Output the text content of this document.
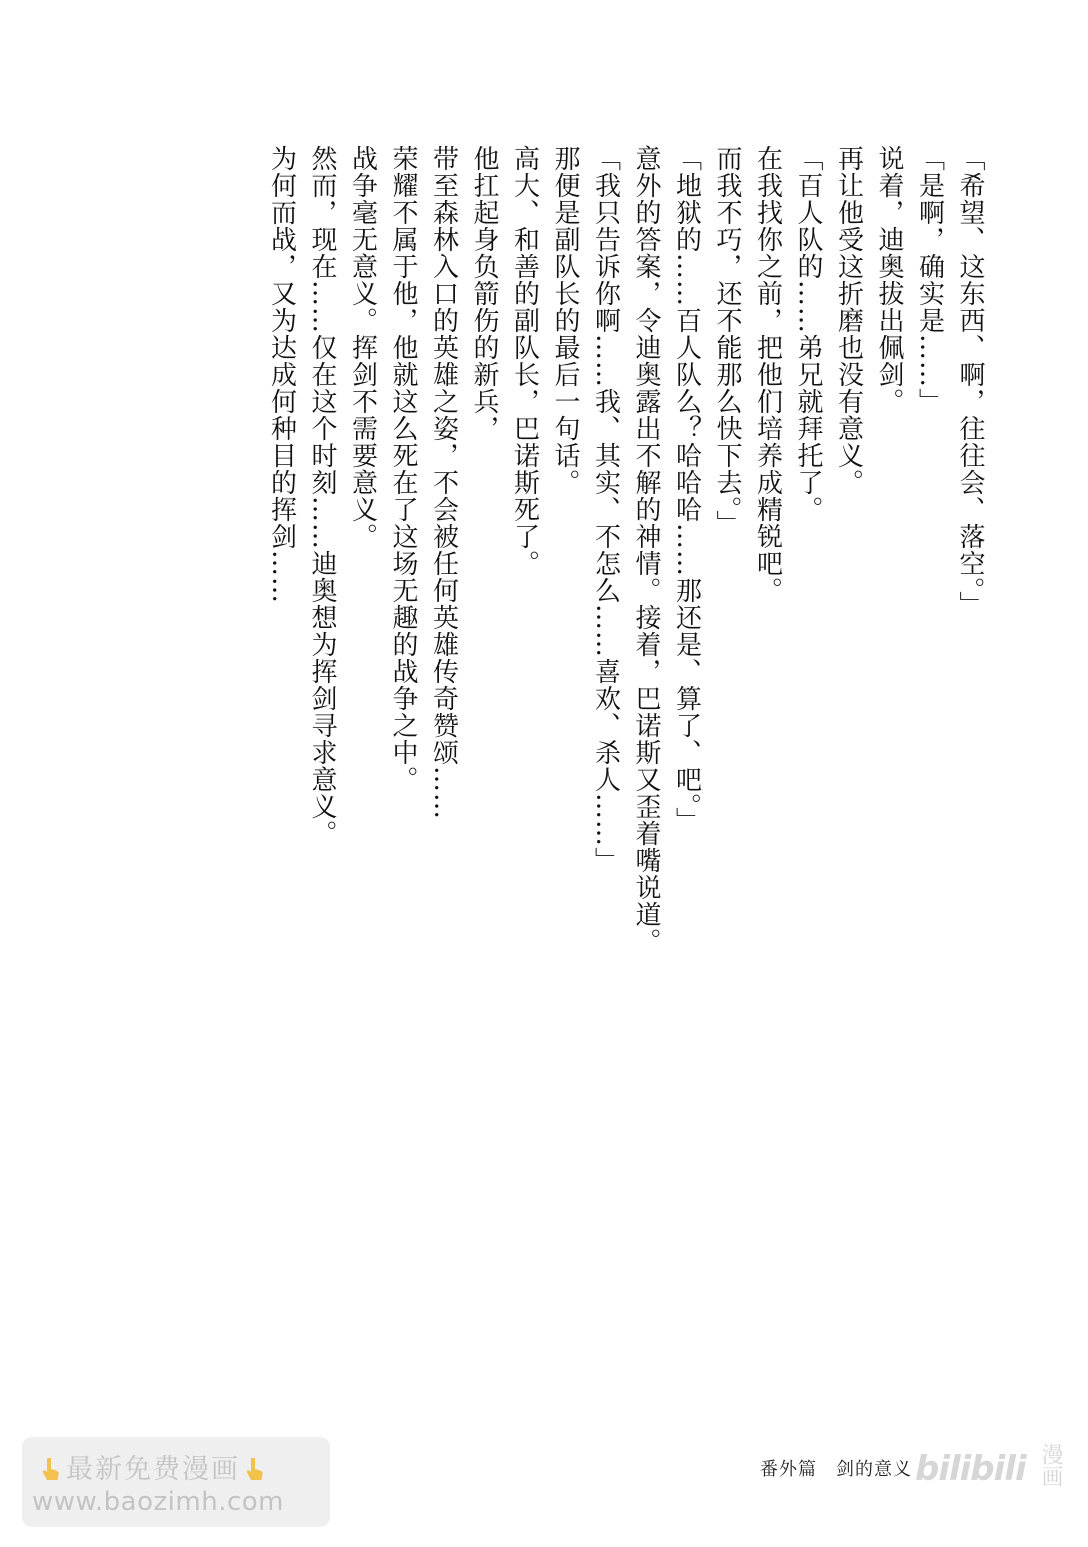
「希望、这东西、啊，往往会、落空。」

「是啊，确实是……」

说着，迪奥拔出佩剑。

再让他受这折磨也没有意义。

「百人队的……弟兄就拜托了。

在我找你之前，把他们培养成精锐吧。

而我不巧，还不能那么快下去。」

「地狱的……百人队么？哈哈哈……那还是、算了、吧。」

意外的答案，令迪奥露出不解的神情。接着，巴诺斯又歪着嘴说道。

「我只告诉你啊……我、其实、不怎么……喜欢、杀人……」

那便是副队长的最后一句话。

高大、和善的副队长，巴诺斯死了。

他扛起身负箭伤的新兵，

带至森林入口的英雄之姿，不会被任何英雄传奇赞颂……

荣耀不属于他，他就这么死在了这场无趣的战争之中。

战争毫无意义。挥剑不需要意义。

然而，现在……仅在这个时刻……迪奥想为挥剑寻求意义。

为何而战，又为达成何种目的挥剑……

最新免费漫画
www.baozimh.com
番外篇　剑的意义 bilibili 漫画
